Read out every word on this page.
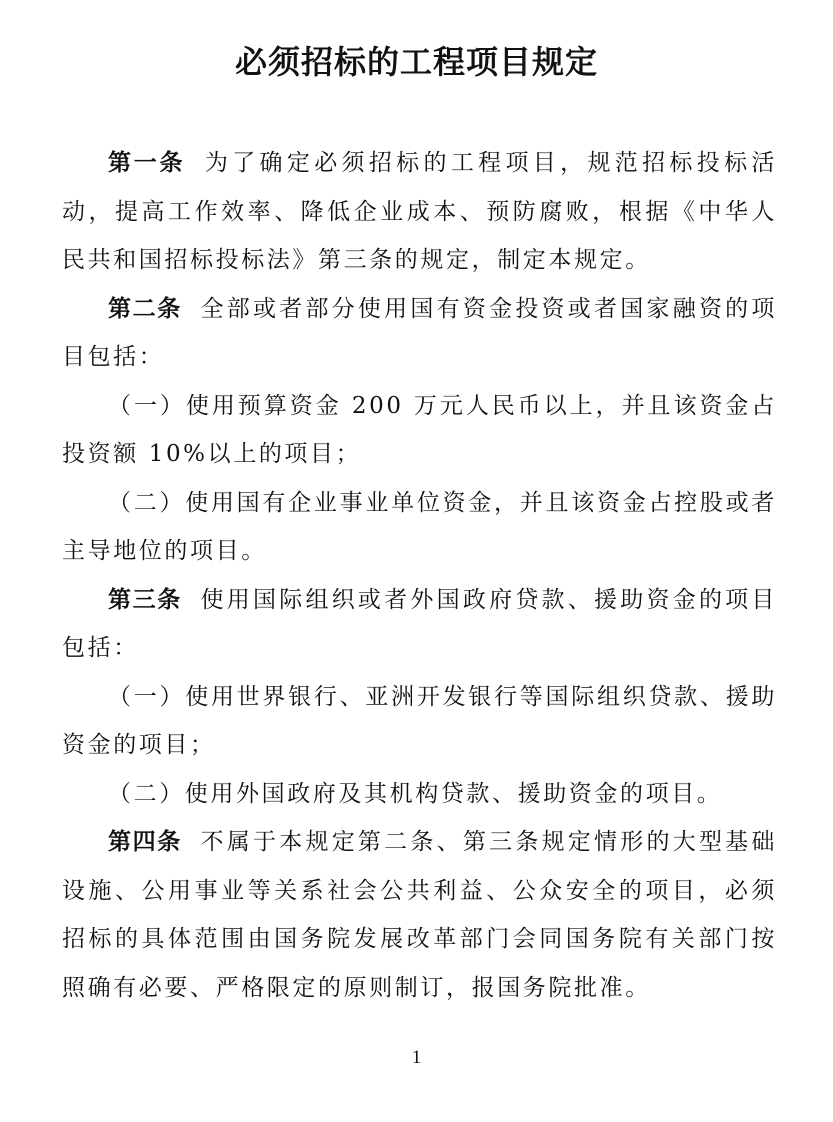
必须招标的工程项目规定

第一条 为了确定必须招标的工程项目，规范招标投标活动，提高工作效率、降低企业成本、预防腐败，根据《中华人民共和国招标投标法》第三条的规定，制定本规定。

第二条 全部或者部分使用国有资金投资或者国家融资的项目包括：

（一）使用预算资金 200 万元人民币以上，并且该资金占投资额 10%以上的项目；

（二）使用国有企业事业单位资金，并且该资金占控股或者主导地位的项目。

第三条 使用国际组织或者外国政府贷款、援助资金的项目包括：

（一）使用世界银行、亚洲开发银行等国际组织贷款、援助资金的项目；

（二）使用外国政府及其机构贷款、援助资金的项目。

第四条 不属于本规定第二条、第三条规定情形的大型基础设施、公用事业等关系社会公共利益、公众安全的项目，必须招标的具体范围由国务院发展改革部门会同国务院有关部门按照确有必要、严格限定的原则制订，报国务院批准。

1
